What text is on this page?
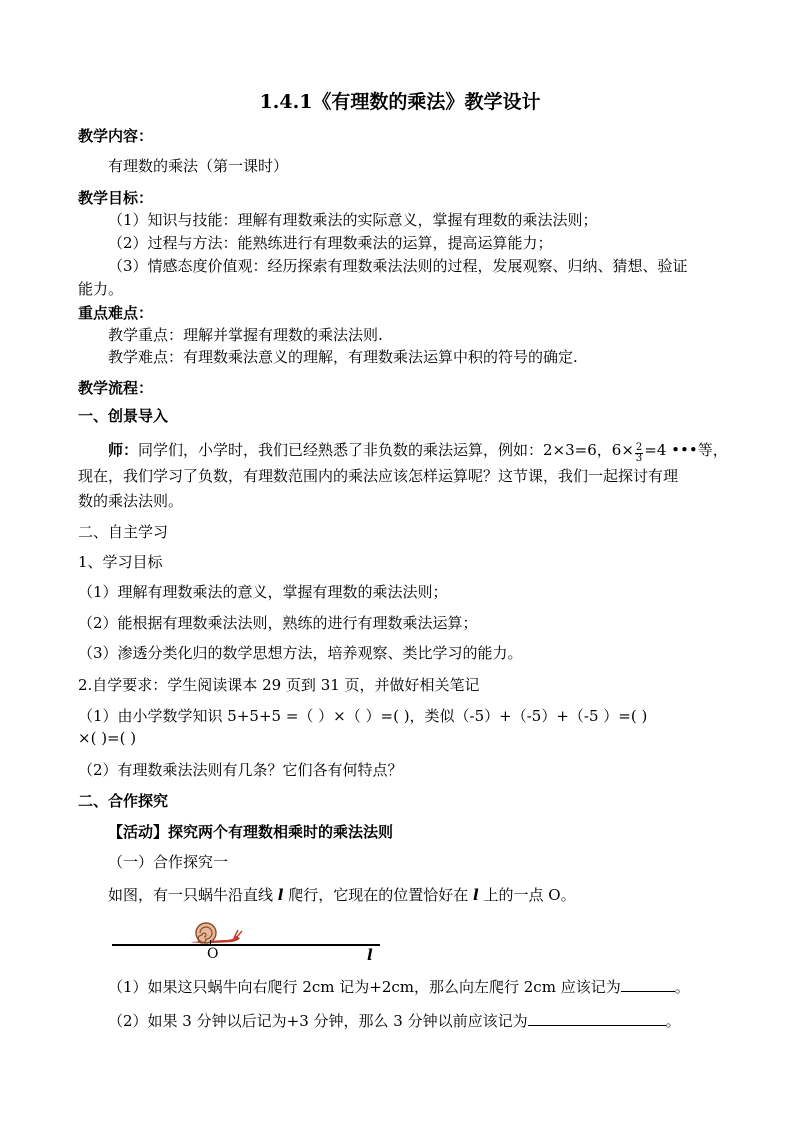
1.4.1《有理数的乘法》教学设计
教学内容：
有理数的乘法（第一课时）
教学目标：
（1）知识与技能：理解有理数乘法的实际意义，掌握有理数的乘法法则；
（2）过程与方法：能熟练进行有理数乘法的运算，提高运算能力；
（3）情感态度价值观：经历探索有理数乘法法则的过程，发展观察、归纳、猜想、验证
能力。
重点难点：
教学重点：理解并掌握有理数的乘法法则.
教学难点：有理数乘法意义的理解，有理数乘法运算中积的符号的确定.
教学流程：
一、创景导入
师：同学们，小学时，我们已经熟悉了非负数的乘法运算，例如：2×3=6，$6\times \frac{2}{3} =4$ •••等，
现在，我们学习了负数，有理数范围内的乘法应该怎样运算呢？这节课，我们一起探讨有理
数的乘法法则。
二、自主学习
1、学习目标
（1）理解有理数乘法的意义，掌握有理数的乘法法则；
（2）能根据有理数乘法法则，熟练的进行有理数乘法运算；
（3）渗透分类化归的数学思想方法，培养观察、类比学习的能力。
2.自学要求：学生阅读课本 29 页到 31 页，并做好相关笔记
（1）由小学数学知识 5+5+5 =（ ）×（ ）=( )，类似（-5）+（-5）+（-5 ）=( )
×( )=( )
（2）有理数乘法法则有几条？它们各有何特点？
二、合作探究
【活动】探究两个有理数相乘时的乘法法则
（一）合作探究一
如图，有一只蜗牛沿直线 l 爬行，它现在的位置恰好在 l 上的一点 O。
O	l
（1）如果这只蜗牛向右爬行 2cm 记为+2cm，那么向左爬行 2cm 应该记为	。
（2）如果 3 分钟以后记为+3 分钟，那么 3 分钟以前应该记为	。
